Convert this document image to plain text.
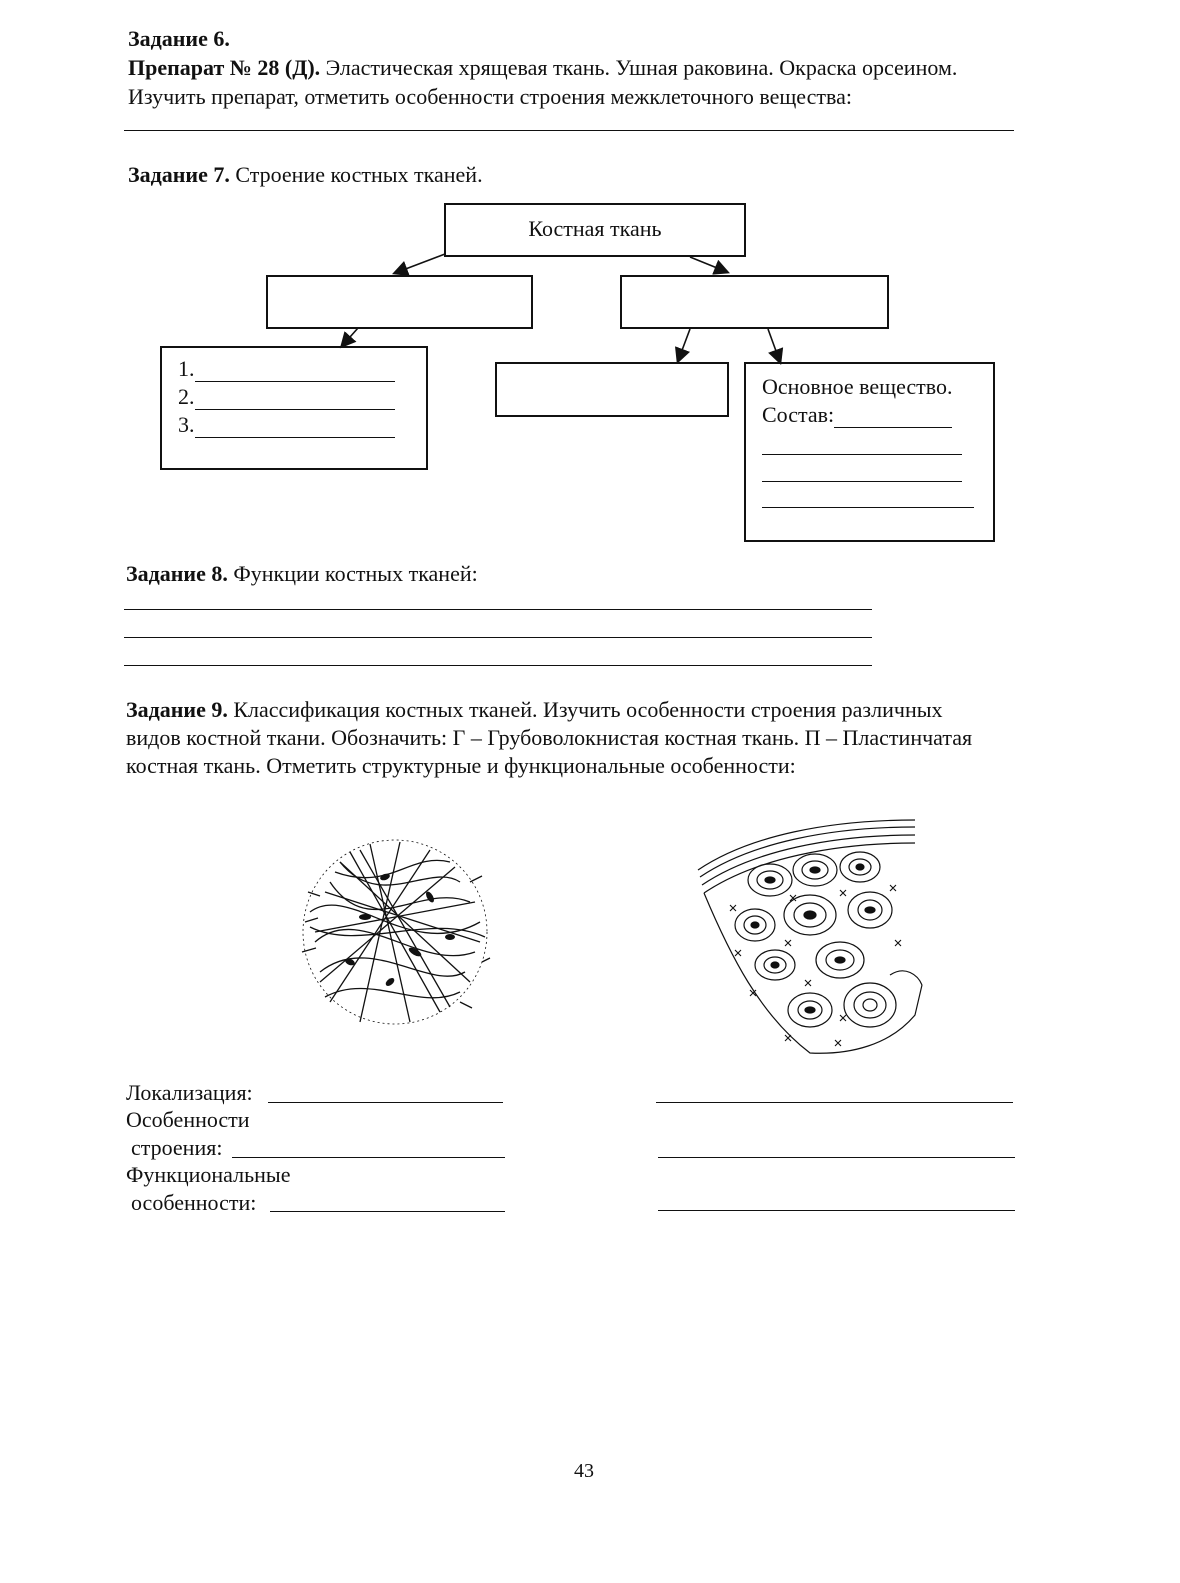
Задание 6.
Препарат № 28 (Д). Эластическая хрящевая ткань. Ушная раковина. Окраска орсеином.
Изучить препарат, отметить особенности строения межклеточного вещества:
Задание 7. Строение костных тканей.
Костная ткань
1.
2.
3.
Основное вещество.
Состав:
Задание 8. Функции костных тканей:
Задание 9. Классификация костных тканей. Изучить особенности строения различных
видов костной ткани. Обозначить: Г – Грубоволокнистая костная ткань. П – Пластинчатая
костная ткань. Отметить структурные и функциональные особенности:
Локализация:
Особенности
строения:
Функциональные
особенности:
43
